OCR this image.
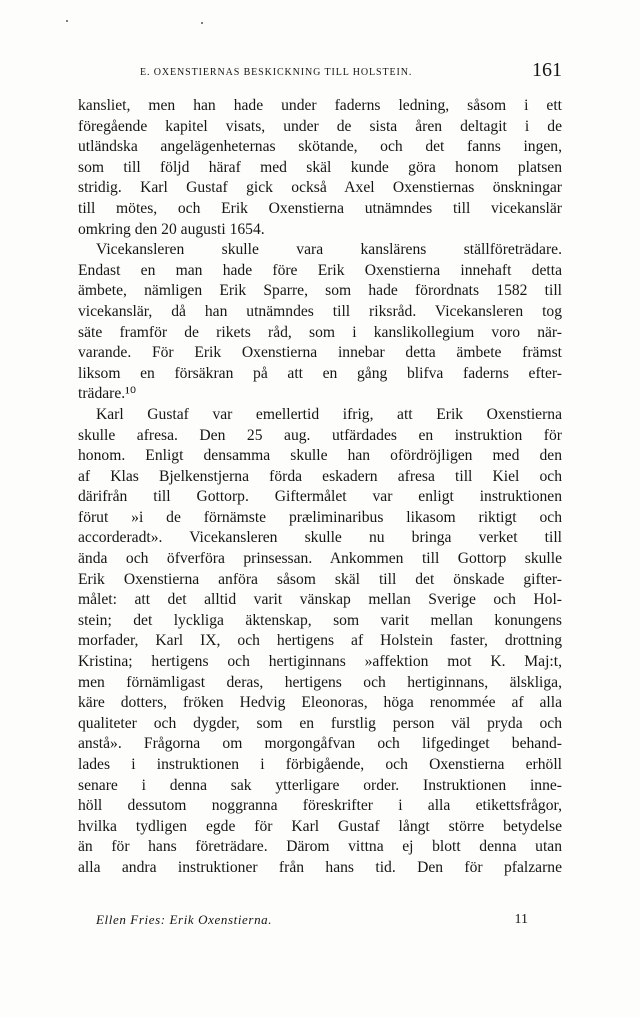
E. OXENSTIERNAS BESKICKNING TILL HOLSTEIN.	161
kansliet, men han hade under faderns ledning, såsom i ett
föregående kapitel visats, under de sista åren deltagit i de
utländska angelägenheternas skötande, och det fanns ingen,
som till följd häraf med skäl kunde göra honom platsen
stridig. Karl Gustaf gick också Axel Oxenstiernas önskningar
till mötes, och Erik Oxenstierna utnämndes till vicekanslär
omkring den 20 augusti 1654.
Vicekansleren skulle vara kanslärens ställföreträdare.
Endast en man hade före Erik Oxenstierna innehaft detta
ämbete, nämligen Erik Sparre, som hade förordnats 1582 till
vicekanslär, då han utnämndes till riksråd. Vicekansleren tog
säte framför de rikets råd, som i kanslikollegium voro när-
varande. För Erik Oxenstierna innebar detta ämbete främst
liksom en försäkran på att en gång blifva faderns efter-
trädare.¹⁰
Karl Gustaf var emellertid ifrig, att Erik Oxenstierna
skulle afresa. Den 25 aug. utfärdades en instruktion för
honom. Enligt densamma skulle han ofördröjligen med den
af Klas Bjelkenstjerna förda eskadern afresa till Kiel och
därifrån till Gottorp. Giftermålet var enligt instruktionen
förut »i de förnämste præliminaribus likasom riktigt och
accorderadt». Vicekansleren skulle nu bringa verket till
ända och öfverföra prinsessan. Ankommen till Gottorp skulle
Erik Oxenstierna anföra såsom skäl till det önskade gifter-
målet: att det alltid varit vänskap mellan Sverige och Hol-
stein; det lyckliga äktenskap, som varit mellan konungens
morfader, Karl IX, och hertigens af Holstein faster, drottning
Kristina; hertigens och hertiginnans »affektion mot K. Maj:t,
men förnämligast deras, hertigens och hertiginnans, älskliga,
käre dotters, fröken Hedvig Eleonoras, höga renommée af alla
qualiteter och dygder, som en furstlig person väl pryda och
anstå». Frågorna om morgongåfvan och lifgedinget behand-
lades i instruktionen i förbigående, och Oxenstierna erhöll
senare i denna sak ytterligare order. Instruktionen inne-
höll dessutom noggranna föreskrifter i alla etikettsfrågor,
hvilka tydligen egde för Karl Gustaf långt större betydelse
än för hans företrädare. Därom vittna ej blott denna utan
alla andra instruktioner från hans tid. Den för pfalzarne
Ellen Fries: Erik Oxenstierna.	11
